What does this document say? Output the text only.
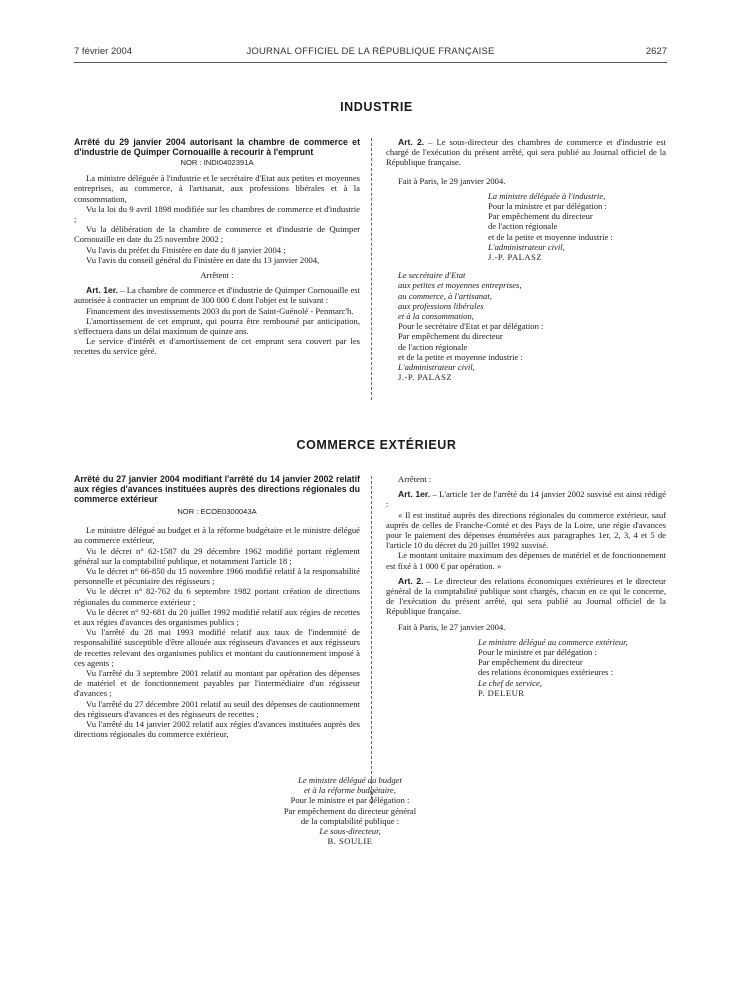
7 février 2004	JOURNAL OFFICIEL DE LA RÉPUBLIQUE FRANÇAISE	2627
INDUSTRIE

Arrêté du 29 janvier 2004 autorisant la chambre de commerce et d'industrie de Quimper Cornouaille à recourir à l'emprunt

NOR : INDI0402391A

La ministre déléguée à l'industrie et le secrétaire d'Etat aux petites et moyennes entreprises, au commerce, à l'artisanat, aux professions libérales et à la consommation,

Vu la loi du 9 avril 1898 modifiée sur les chambres de commerce et d'industrie ;

Vu la délibération de la chambre de commerce et d'industrie de Quimper Cornouaille en date du 25 novembre 2002 ;

Vu l'avis du préfet du Finistère en date du 8 janvier 2004 ;

Vu l'avis du conseil général du Finistère en date du 13 janvier 2004,

Arrêtent :

Art. 1er. – La chambre de commerce et d'industrie de Quimper Cornouaille est autorisée à contracter un emprunt de 300 000 € dont l'objet est le suivant :

Financement des investissements 2003 du port de Saint-Guénolé - Penmarc'h.

L'amortissement de cet emprunt, qui pourra être remboursé par anticipation, s'effectuera dans un délai maximum de quinze ans.

Le service d'intérêt et d'amortissement de cet emprunt sera couvert par les recettes du service géré.

Art. 2. – Le sous-directeur des chambres de commerce et d'industrie est chargé de l'exécution du présent arrêté, qui sera publié au Journal officiel de la République française.

Fait à Paris, le 29 janvier 2004.

La ministre déléguée à l'industrie,

Pour la ministre et par délégation :

Par empêchement du directeur

de l'action régionale

et de la petite et moyenne industrie :

L'administrateur civil,

J.-P. PALASZ

Le secrétaire d'Etat

aux petites et moyennes entreprises,

au commerce, à l'artisanat,

aux professions libérales

et à la consommation,

Pour le secrétaire d'Etat et par délégation :

Par empêchement du directeur

de l'action régionale

et de la petite et moyenne industrie :

L'administrateur civil,

J.-P. PALASZ

COMMERCE EXTÉRIEUR

Arrêté du 27 janvier 2004 modifiant l'arrêté du 14 janvier 2002 relatif aux régies d'avances instituées auprès des directions régionales du commerce extérieur

NOR : ECOE0300043A

Le ministre délégué au budget et à la réforme budgétaire et le ministre délégué au commerce extérieur,

Vu le décret n° 62-1587 du 29 décembre 1962 modifié portant règlement général sur la comptabilité publique, et notamment l'article 18 ;

Vu le décret n° 66-850 du 15 novembre 1966 modifié relatif à la responsabilité personnelle et pécuniaire des régisseurs ;

Vu le décret n° 82-762 du 6 septembre 1982 portant création de directions régionales du commerce extérieur ;

Vu le décret n° 92-681 du 20 juillet 1992 modifié relatif aux régies de recettes et aux régies d'avances des organismes publics ;

Vu l'arrêté du 28 mai 1993 modifié relatif aux taux de l'indemnité de responsabilité susceptible d'être allouée aux régisseurs d'avances et aux régisseurs de recettes relevant des organismes publics et montant du cautionnement imposé à ces agents ;

Vu l'arrêté du 3 septembre 2001 relatif au montant par opération des dépenses de matériel et de fonctionnement payables par l'intermédiaire d'un régisseur d'avances ;

Vu l'arrêté du 27 décembre 2001 relatif au seuil des dépenses de cautionnement des régisseurs d'avances et des régisseurs de recettes ;

Vu l'arrêté du 14 janvier 2002 relatif aux régies d'avances instituées auprès des directions régionales du commerce extérieur,

Arrêtent :

Art. 1er. – L'article 1er de l'arrêté du 14 janvier 2002 susvisé est ainsi rédigé :

« Il est institué auprès des directions régionales du commerce extérieur, sauf auprès de celles de Franche-Comté et des Pays de la Loire, une régie d'avances pour le paiement des dépenses énumérées aux paragraphes 1er, 2, 3, 4 et 5 de l'article 10 du décret du 20 juillet 1992 susvisé.

Le montant unitaire maximum des dépenses de matériel et de fonctionnement est fixé à 1 000 € par opération. »

Art. 2. – Le directeur des relations économiques extérieures et le directeur général de la comptabilité publique sont chargés, chacun en ce qui le concerne, de l'exécution du présent arrêté, qui sera publié au Journal officiel de la République française.

Fait à Paris, le 27 janvier 2004.

Le ministre délégué au commerce extérieur,

Pour le ministre et par délégation :

Par empêchement du directeur

des relations économiques extérieures :

Le chef de service,

P. DELEUR

Le ministre délégué au budget

et à la réforme budgétaire,

Pour le ministre et par délégation :

Par empêchement du directeur général

de la comptabilité publique :

Le sous-directeur,

B. SOULIE
